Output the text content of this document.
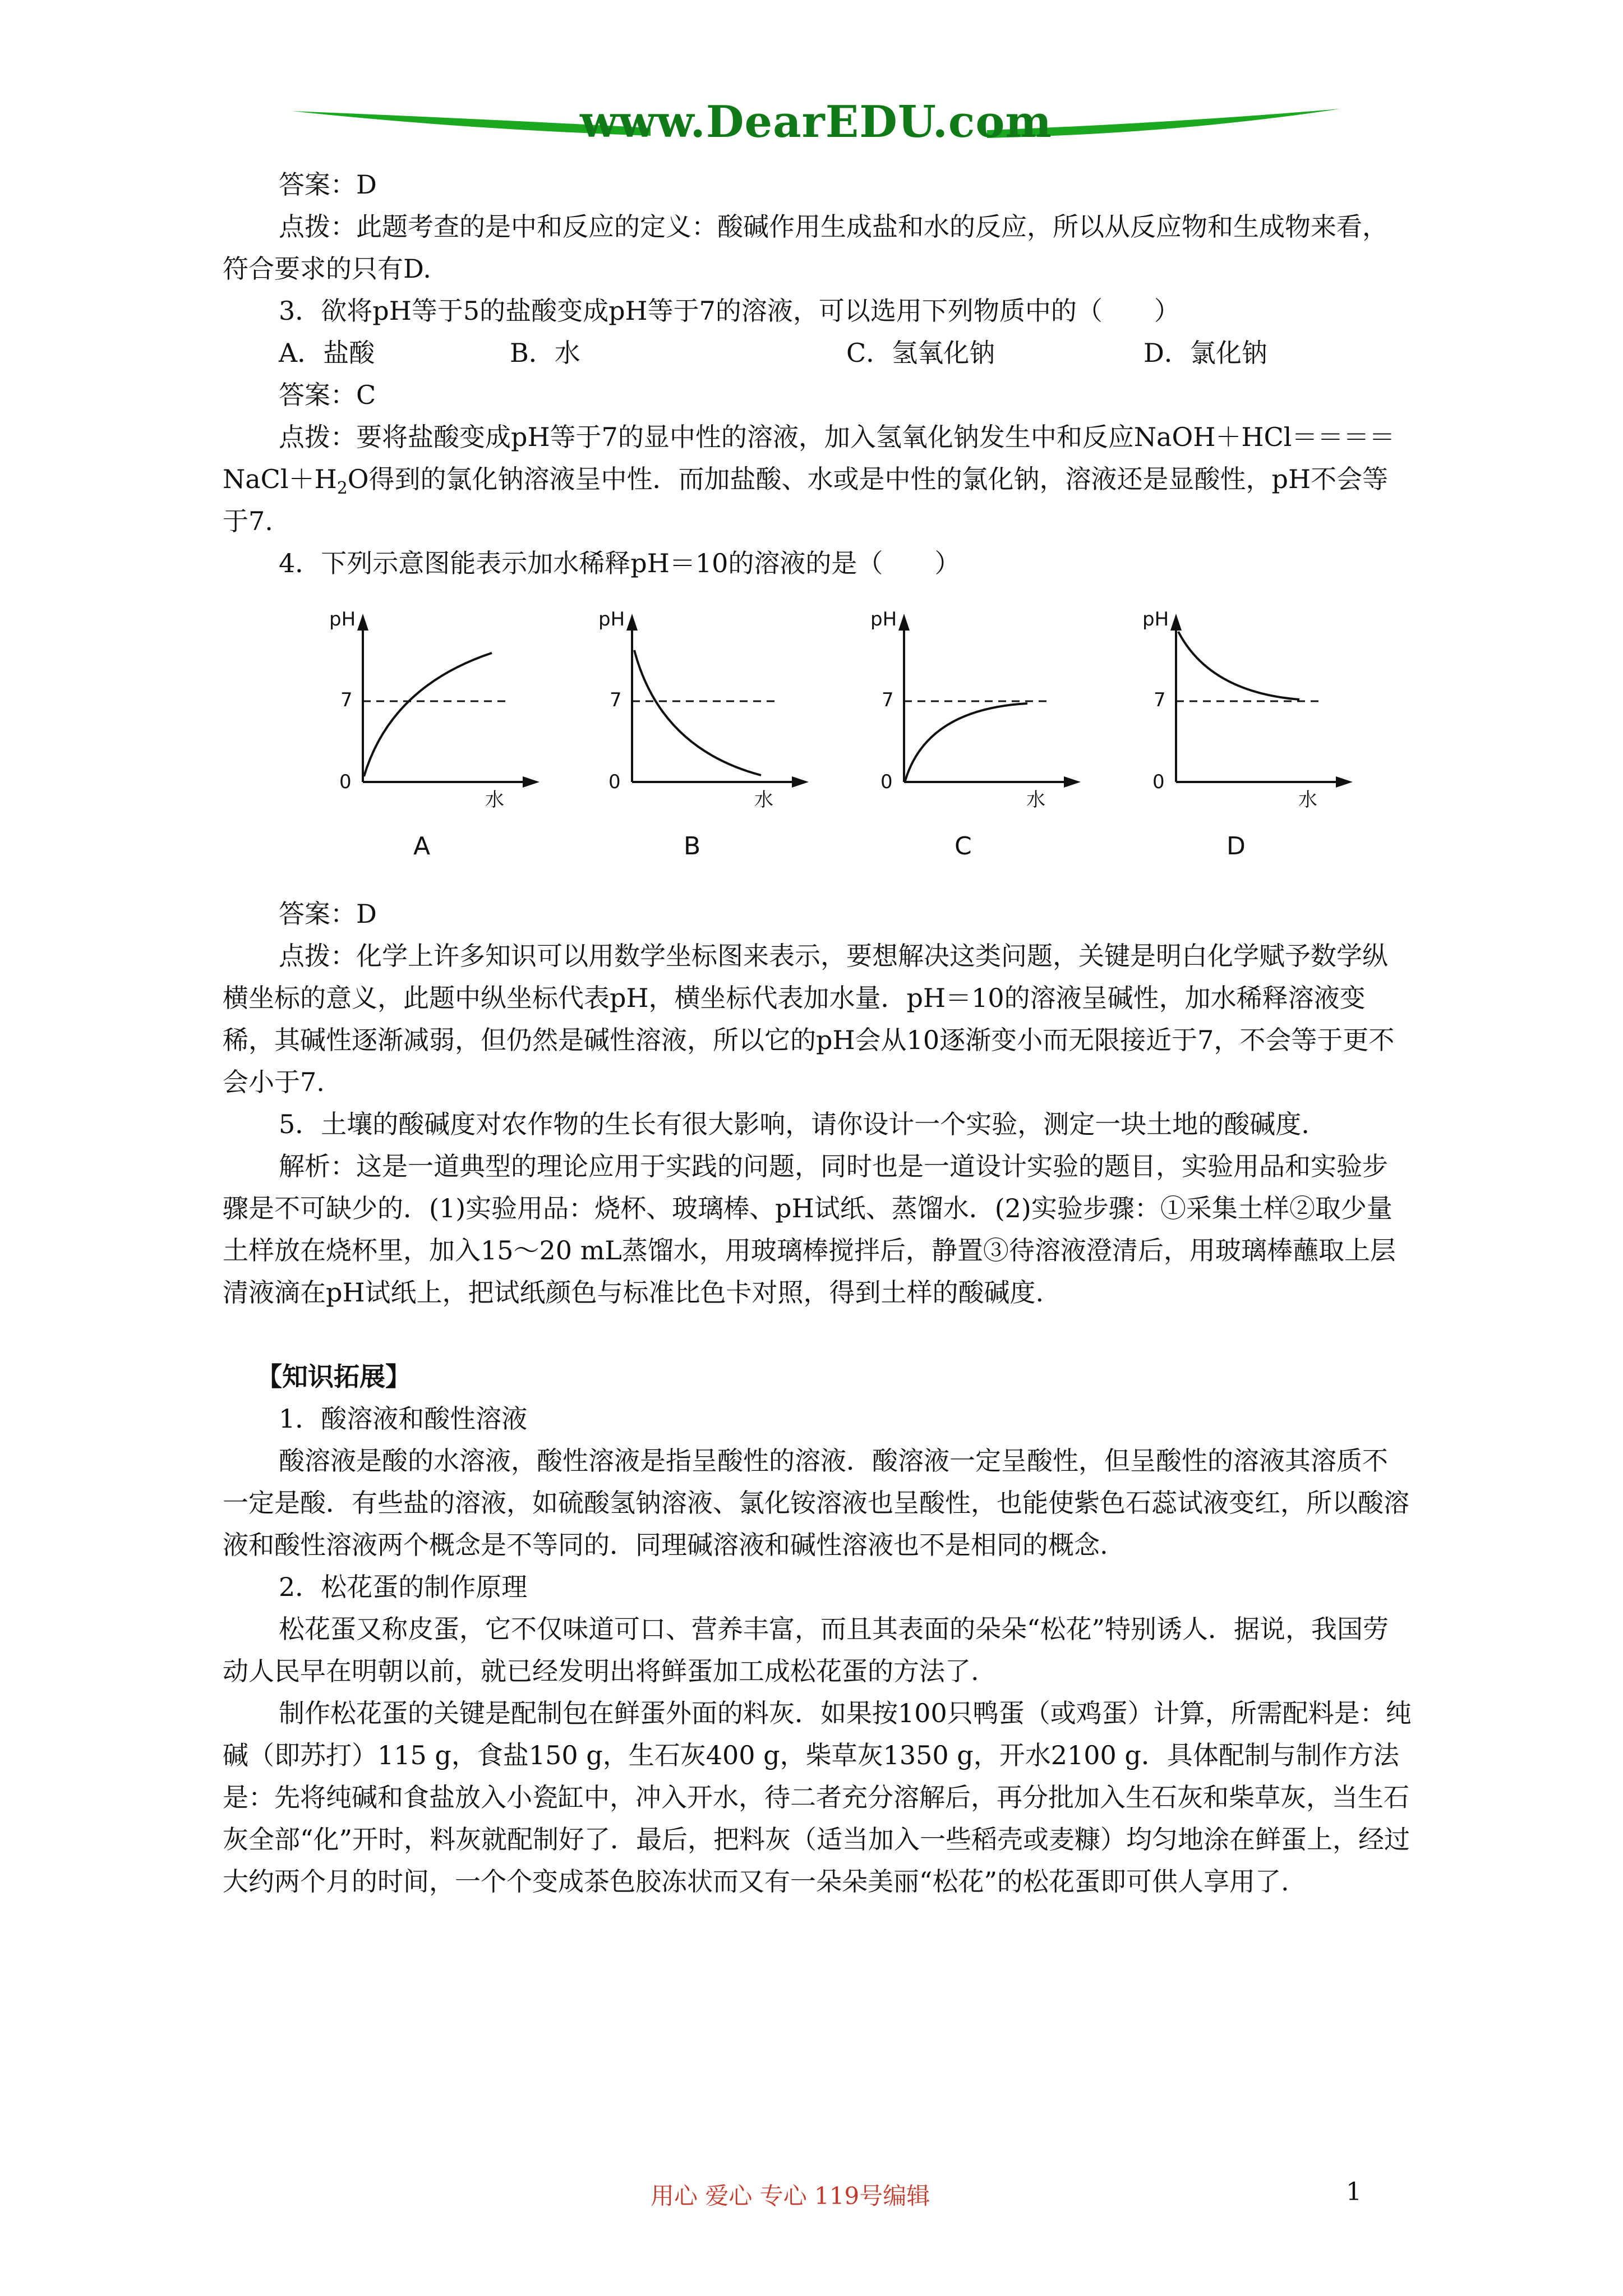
www.DearEDU.com

答案：D

点拨：此题考查的是中和反应的定义：酸碱作用生成盐和水的反应，所以从反应物和生成物来看，符合要求的只有D.

3．欲将pH等于5的盐酸变成pH等于7的溶液，可以选用下列物质中的（　　）

A．盐酸	B．水	C．氢氧化钠	D．氯化钠

答案：C

点拨：要将盐酸变成pH等于7的显中性的溶液，加入氢氧化钠发生中和反应$NaOH+HCl====NaCl+H_2O$得到的氯化钠溶液呈中性．而加盐酸、水或是中性的氯化钠，溶液还是显酸性，pH不会等于7.

4．下列示意图能表示加水稀释pH＝10的溶液的是（　　）

pH
7
0
水
A
pH
7
0
水
B
pH
7
0
水
C
pH
7
0
水
D

答案：D

点拨：化学上许多知识可以用数学坐标图来表示，要想解决这类问题，关键是明白化学赋予数学纵横坐标的意义，此题中纵坐标代表pH，横坐标代表加水量．pH＝10的溶液呈碱性，加水稀释溶液变稀，其碱性逐渐减弱，但仍然是碱性溶液，所以它的pH会从10逐渐变小而无限接近于7，不会等于更不会小于7.

5．土壤的酸碱度对农作物的生长有很大影响，请你设计一个实验，测定一块土地的酸碱度.

解析：这是一道典型的理论应用于实践的问题，同时也是一道设计实验的题目，实验用品和实验步骤是不可缺少的．(1)实验用品：烧杯、玻璃棒、pH试纸、蒸馏水．(2)实验步骤：①采集土样②取少量土样放在烧杯里，加入15～20 mL蒸馏水，用玻璃棒搅拌后，静置③待溶液澄清后，用玻璃棒蘸取上层清液滴在pH试纸上，把试纸颜色与标准比色卡对照，得到土样的酸碱度.

【知识拓展】

1．酸溶液和酸性溶液

酸溶液是酸的水溶液，酸性溶液是指呈酸性的溶液．酸溶液一定呈酸性，但呈酸性的溶液其溶质不一定是酸．有些盐的溶液，如硫酸氢钠溶液、氯化铵溶液也呈酸性，也能使紫色石蕊试液变红，所以酸溶液和酸性溶液两个概念是不等同的．同理碱溶液和碱性溶液也不是相同的概念.

2．松花蛋的制作原理

松花蛋又称皮蛋，它不仅味道可口、营养丰富，而且其表面的朵朵“松花”特别诱人．据说，我国劳动人民早在明朝以前，就已经发明出将鲜蛋加工成松花蛋的方法了.

制作松花蛋的关键是配制包在鲜蛋外面的料灰．如果按100只鸭蛋（或鸡蛋）计算，所需配料是：纯碱（即苏打）115 g，食盐150 g，生石灰400 g，柴草灰1350 g，开水2100 g．具体配制与制作方法是：先将纯碱和食盐放入小瓷缸中，冲入开水，待二者充分溶解后，再分批加入生石灰和柴草灰，当生石灰全部“化”开时，料灰就配制好了．最后，把料灰（适当加入一些稻壳或麦糠）均匀地涂在鲜蛋上，经过大约两个月的时间，一个个变成茶色胶冻状而又有一朵朵美丽“松花”的松花蛋即可供人享用了.

用心 爱心 专心 119号编辑	1
